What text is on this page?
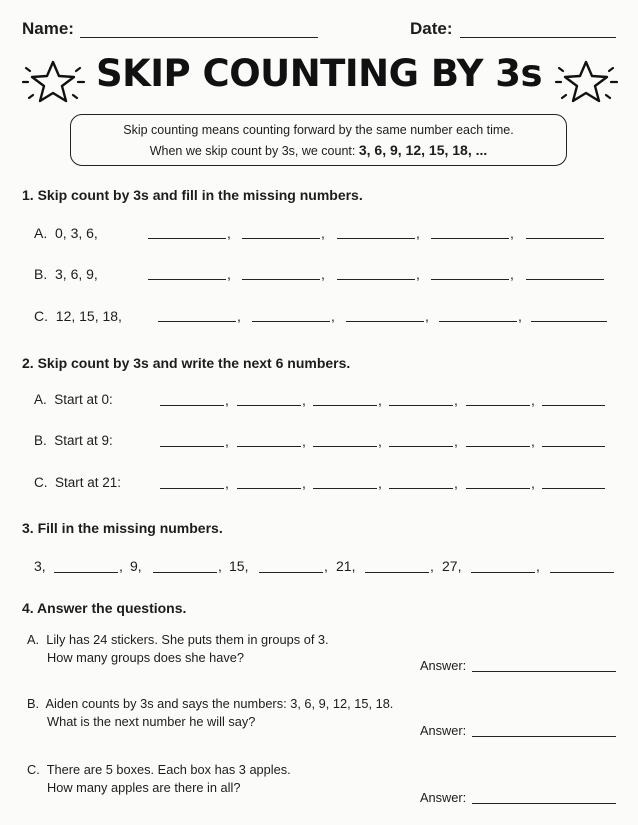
Name:	Date:
SKIP COUNTING BY 3s
Skip counting means counting forward by the same number each time.
When we skip count by 3s, we count: 3, 6, 9, 12, 15, 18, ...
1. Skip count by 3s and fill in the missing numbers.
A. 0, 3, 6,	,	,	,	,
B. 3, 6, 9,	,	,	,	,
C. 12, 15, 18,	,	,	,	,
2. Skip count by 3s and write the next 6 numbers.
A. Start at 0:	,	,	,	,	,
B. Start at 9:	,	,	,	,	,
C. Start at 21:	,	,	,	,	,
3. Fill in the missing numbers.
3,	, 9,	, 15,	, 21,	, 27,	,
4. Answer the questions.
A. Lily has 24 stickers. She puts them in groups of 3.
How many groups does she have?
Answer:
B. Aiden counts by 3s and says the numbers: 3, 6, 9, 12, 15, 18.
What is the next number he will say?
Answer:
C. There are 5 boxes. Each box has 3 apples.
How many apples are there in all?
Answer:
